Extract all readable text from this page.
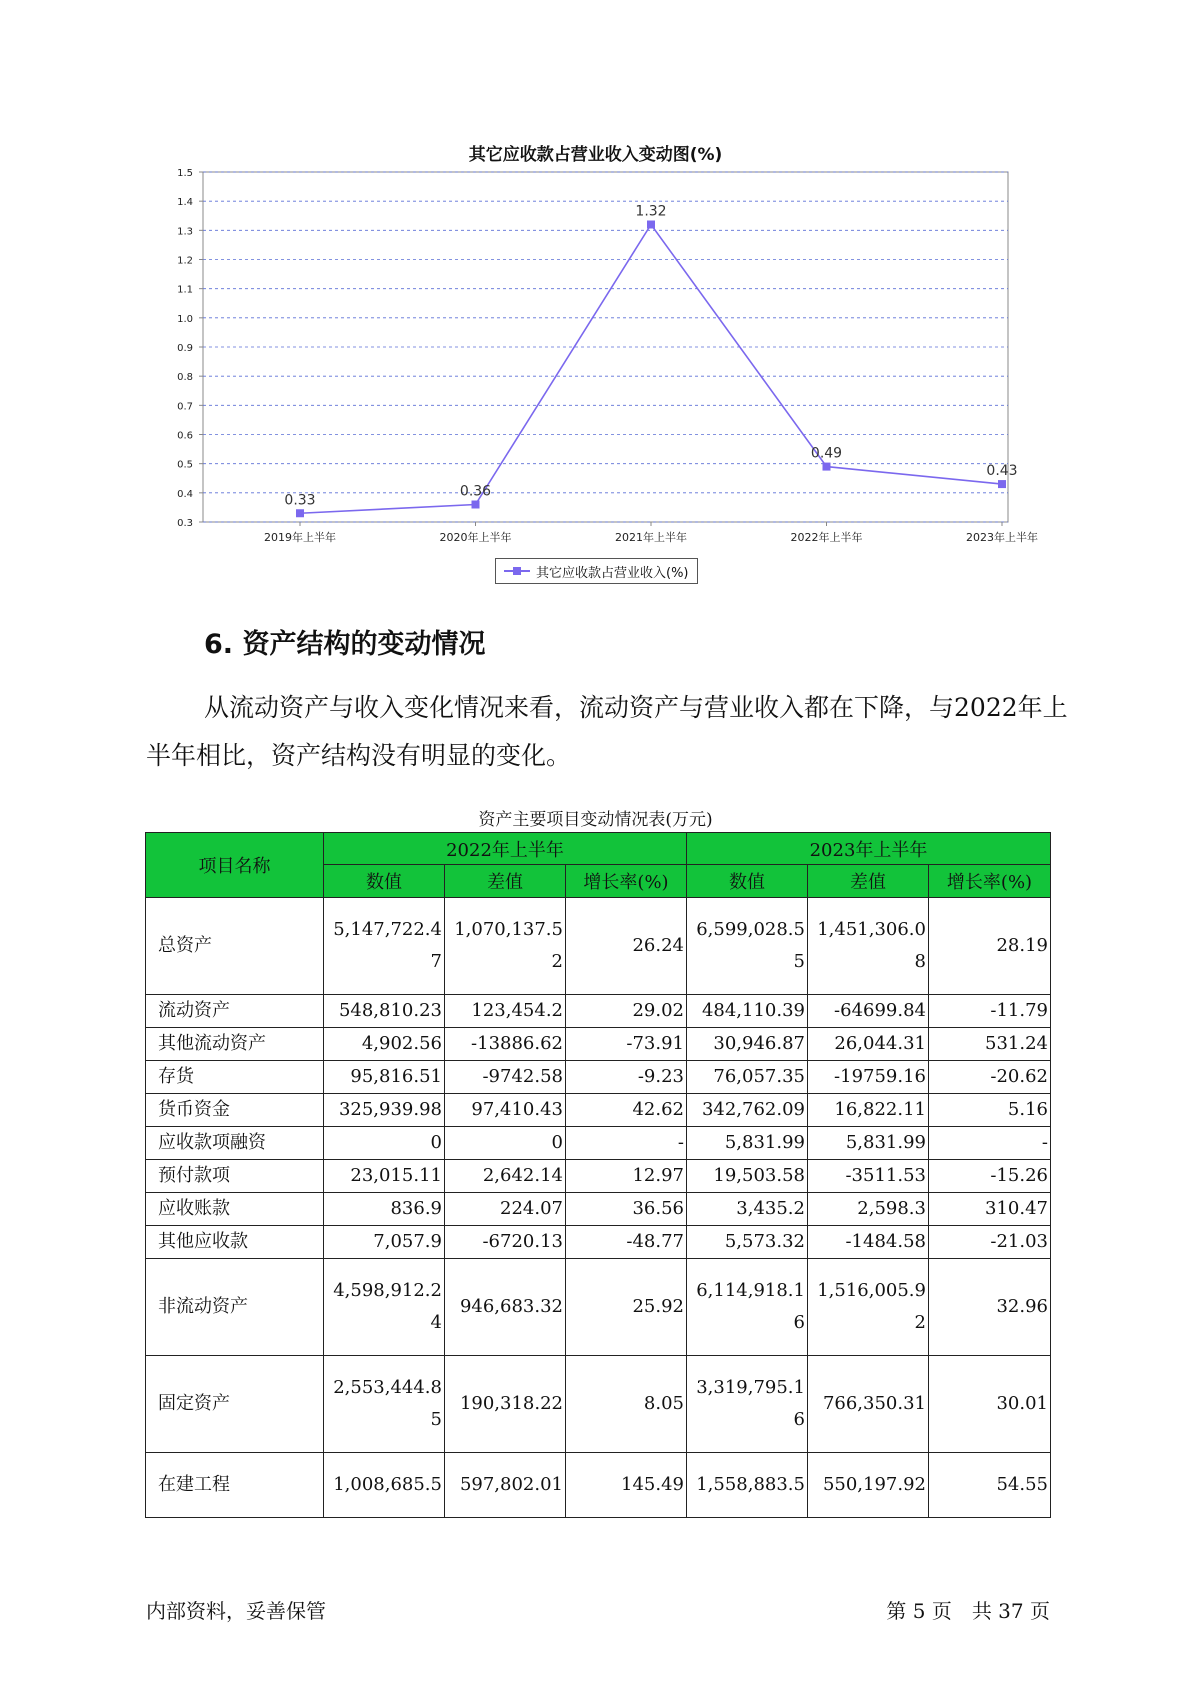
其它应收款占营业收入变动图(%)
0.3
0.4
0.5
0.6
0.7
0.8
0.9
1.0
1.1
1.2
1.3
1.4
1.5
2019年上半年	2020年上半年	2021年上半年	2022年上半年	2023年上半年
0.33
0.36
1.32
0.49
0.43
其它应收款占营业收入(%)
6. 资产结构的变动情况
从流动资产与收入变化情况来看，流动资产与营业收入都在下降，与2022年上半年相比，资产结构没有明显的变化。
资产主要项目变动情况表(万元)
项目名称	2022年上半年			2023年上半年		
	数值	差值	增长率(%)	数值	差值	增长率(%)
总资产	5,147,722.47	1,070,137.52	26.24	6,599,028.55	1,451,306.08	28.19
流动资产	548,810.23	123,454.2	29.02	484,110.39	-64699.84	-11.79
其他流动资产	4,902.56	-13886.62	-73.91	30,946.87	26,044.31	531.24
存货	95,816.51	-9742.58	-9.23	76,057.35	-19759.16	-20.62
货币资金	325,939.98	97,410.43	42.62	342,762.09	16,822.11	5.16
应收款项融资	0	0	-	5,831.99	5,831.99	-
预付款项	23,015.11	2,642.14	12.97	19,503.58	-3511.53	-15.26
应收账款	836.9	224.07	36.56	3,435.2	2,598.3	310.47
其他应收款	7,057.9	-6720.13	-48.77	5,573.32	-1484.58	-21.03
非流动资产	4,598,912.24	946,683.32	25.92	6,114,918.16	1,516,005.92	32.96
固定资产	2,553,444.85	190,318.22	8.05	3,319,795.16	766,350.31	30.01
在建工程	1,008,685.5	597,802.01	145.49	1,558,883.5	550,197.92	54.55
内部资料，妥善保管	第 5 页　共 37 页
